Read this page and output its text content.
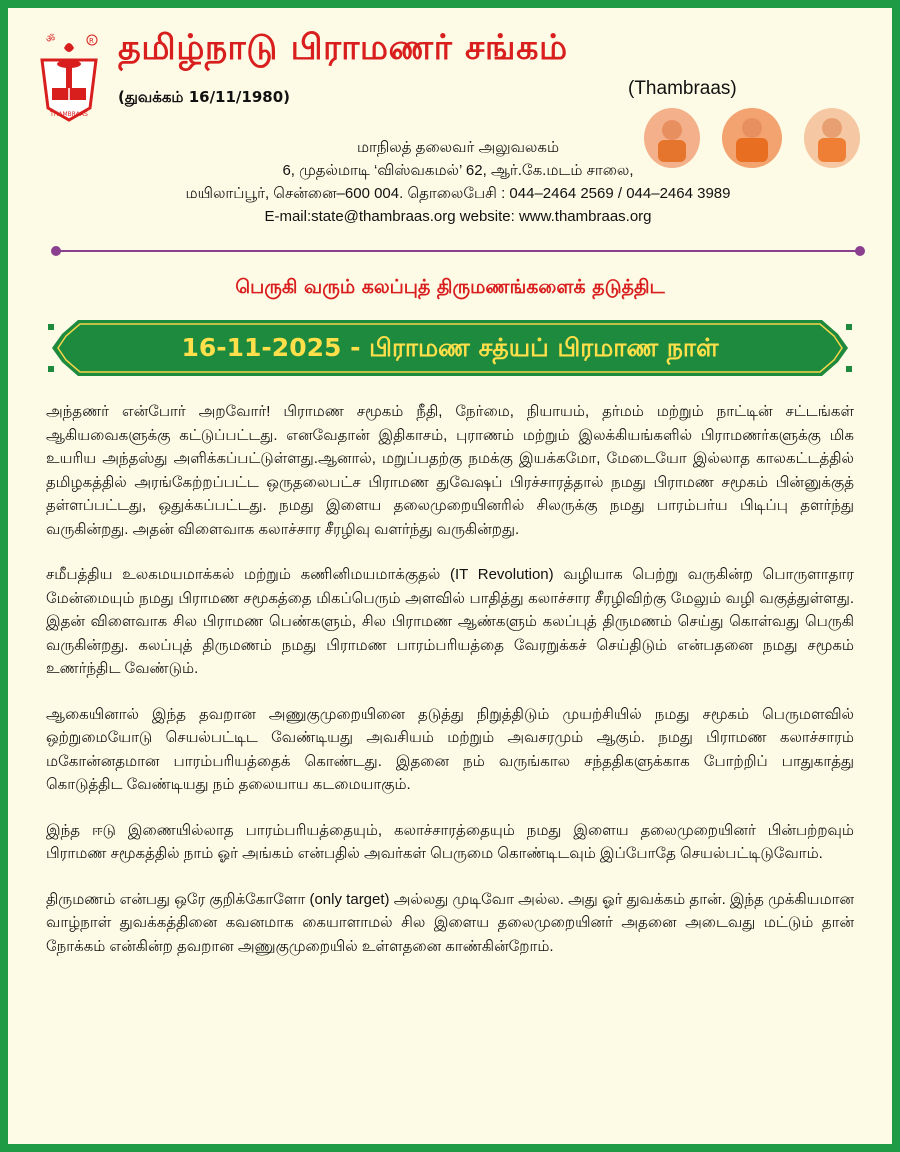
ॐ	R
THAMBRAAS
தமிழ்நாடு பிராமணர் சங்கம்
(துவக்கம் 16/11/1980)	(Thambraas)
மாநிலத் தலைவர் அலுவலகம்
6, முதல்மாடி ‘விஸ்வகமல்’ 62, ஆர்.கே.மடம் சாலை,
மயிலாப்பூர், சென்னை–600 004. தொலைபேசி : 044–2464 2569 / 044–2464 3989
E-mail:state@thambraas.org website: www.thambraas.org
பெருகி வரும் கலப்புத் திருமணங்களைக் தடுத்திட
16-11-2025 - பிராமண சத்யப் பிரமாண நாள்

அந்தணர் என்போர் அறவோர்! பிராமண சமூகம் நீதி, நேர்மை, நியாயம், தர்மம் மற்றும் நாட்டின் சட்டங்கள் ஆகியவைகளுக்கு கட்டுப்பட்டது. எனவேதான் இதிகாசம், புராணம் மற்றும் இலக்கியங்களில் பிராமணர்களுக்கு மிக உயரிய அந்தஸ்து அளிக்கப்பட்டுள்ளது.ஆனால், மறுப்பதற்கு நமக்கு இயக்கமோ, மேடையோ இல்லாத காலகட்டத்தில் தமிழகத்தில் அரங்கேற்றப்பட்ட ஒருதலைபட்ச பிராமண துவேஷப் பிரச்சாரத்தால் நமது பிராமண சமூகம் பின்னுக்குத் தள்ளப்பட்டது, ஒதுக்கப்பட்டது. நமது இளைய தலைமுறையினரில் சிலருக்கு நமது பாரம்பர்ய பிடிப்பு தளர்ந்து வருகின்றது. அதன் விளைவாக கலாச்சார சீரழிவு வளர்ந்து வருகின்றது.

சமீபத்திய உலகமயமாக்கல் மற்றும் கணினிமயமாக்குதல் (IT Revolution) வழியாக பெற்று வருகின்ற பொருளாதார மேன்மையும் நமது பிராமண சமூகத்தை மிகப்பெரும் அளவில் பாதித்து கலாச்சார சீரழிவிற்கு மேலும் வழி வகுத்துள்ளது. இதன் விளைவாக சில பிராமண பெண்களும், சில பிராமண ஆண்களும் கலப்புத் திருமணம் செய்து கொள்வது பெருகி வருகின்றது. கலப்புத் திருமணம் நமது பிராமண பாரம்பரியத்தை வேரறுக்கச் செய்திடும் என்பதனை நமது சமூகம் உணர்ந்திட வேண்டும்.

ஆகையினால் இந்த தவறான அணுகுமுறையினை தடுத்து நிறுத்திடும் முயற்சியில் நமது சமூகம் பெருமளவில் ஒற்றுமையோடு செயல்பட்டிட வேண்டியது அவசியம் மற்றும் அவசரமும் ஆகும். நமது பிராமண கலாச்சாரம் மகோன்னதமான பாரம்பரியத்தைக் கொண்டது. இதனை நம் வருங்கால சந்ததிகளுக்காக போற்றிப் பாதுகாத்து கொடுத்திட வேண்டியது நம் தலையாய கடமையாகும்.

இந்த ஈடு இணையில்லாத பாரம்பரியத்தையும், கலாச்சாரத்தையும் நமது இளைய தலைமுறையினர் பின்பற்றவும் பிராமண சமூகத்தில் நாம் ஓர் அங்கம் என்பதில் அவர்கள் பெருமை கொண்டிடவும் இப்போதே செயல்பட்டிடுவோம்.

திருமணம் என்பது ஒரே குறிக்கோளோ (only target) அல்லது முடிவோ அல்ல. அது ஓர் துவக்கம் தான். இந்த முக்கியமான வாழ்நாள் துவக்கத்தினை கவனமாக கையாளாமல் சில இளைய தலைமுறையினர் அதனை அடைவது மட்டும் தான் நோக்கம் என்கின்ற தவறான அணுகுமுறையில் உள்ளதனை காண்கின்றோம்.
